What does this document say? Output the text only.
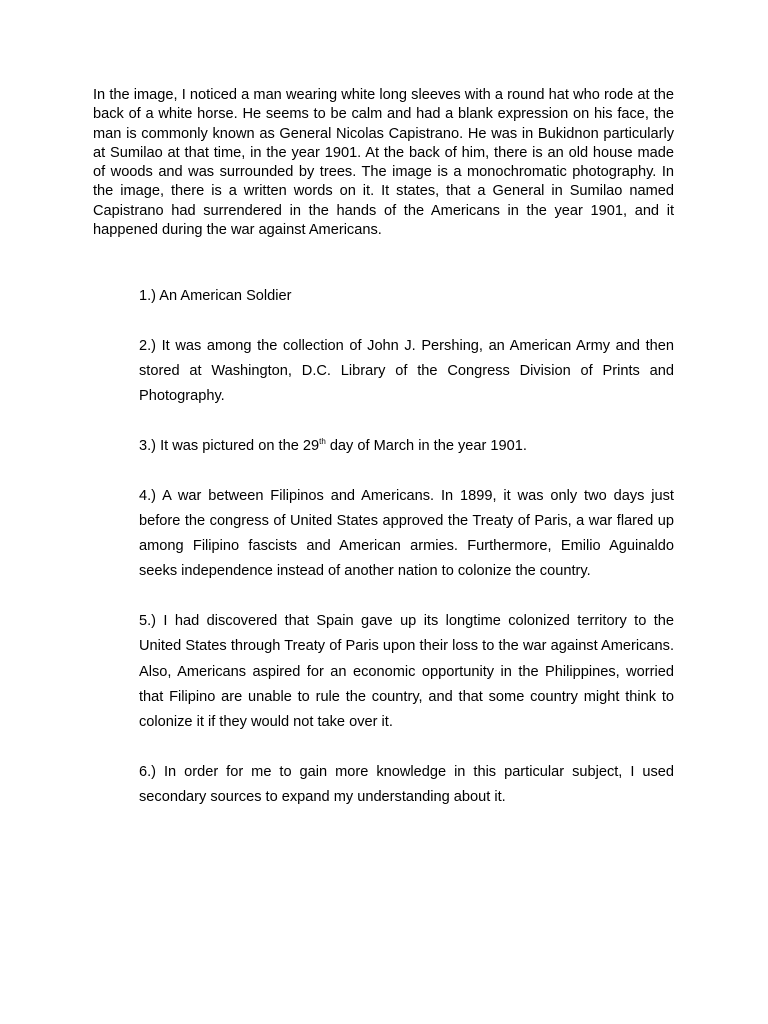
In the image, I noticed a man wearing white long sleeves with a round hat who rode at the back of a white horse. He seems to be calm and had a blank expression on his face, the man is commonly known as General Nicolas Capistrano. He was in Bukidnon particularly at Sumilao at that time, in the year 1901. At the back of him, there is an old house made of woods and was surrounded by trees. The image is a monochromatic photography. In the image, there is a written words on it. It states, that a General in Sumilao named Capistrano had surrendered in the hands of the Americans in the year 1901, and it happened during the war against Americans.

1.) An American Soldier

2.) It was among the collection of John J. Pershing, an American Army and then stored at Washington, D.C. Library of the Congress Division of Prints and Photography.

3.) It was pictured on the 29th day of March in the year 1901.

4.) A war between Filipinos and Americans. In 1899, it was only two days just before the congress of United States approved the Treaty of Paris, a war flared up among Filipino fascists and American armies. Furthermore, Emilio Aguinaldo seeks independence instead of another nation to colonize the country.

5.) I had discovered that Spain gave up its longtime colonized territory to the United States through Treaty of Paris upon their loss to the war against Americans. Also, Americans aspired for an economic opportunity in the Philippines, worried that Filipino are unable to rule the country, and that some country might think to colonize it if they would not take over it.

6.) In order for me to gain more knowledge in this particular subject, I used secondary sources to expand my understanding about it.
